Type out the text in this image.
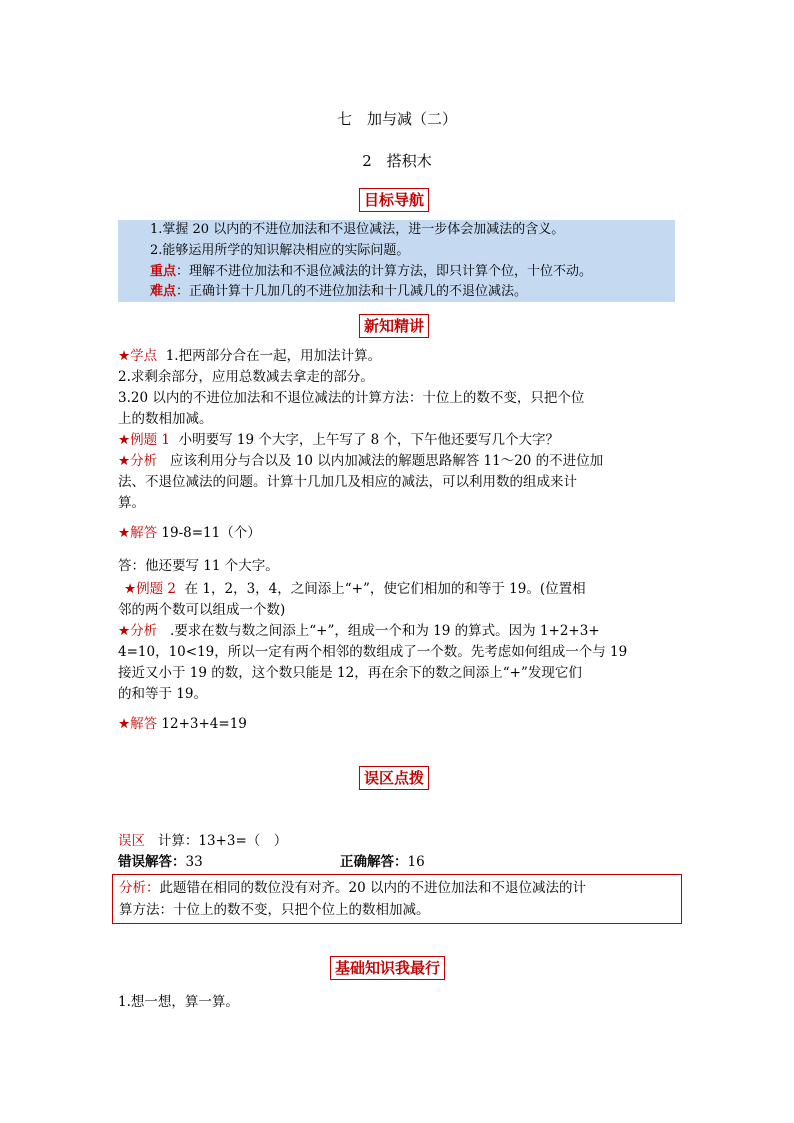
七　加与减（二）
2　搭积木
目标导航
1.掌握 20 以内的不进位加法和不退位减法，进一步体会加减法的含义。
2.能够运用所学的知识解决相应的实际问题。
重点：理解不进位加法和不退位减法的计算方法，即只计算个位，十位不动。
难点：正确计算十几加几的不进位加法和十几减几的不退位减法。
新知精讲
★学点 1.把两部分合在一起，用加法计算。
2.求剩余部分，应用总数减去拿走的部分。
3.20 以内的不进位加法和不退位减法的计算方法：十位上的数不变，只把个位
上的数相加减。
★例题 1 小明要写 19 个大字，上午写了 8 个，下午他还要写几个大字？
★分析 应该利用分与合以及 10 以内加减法的解题思路解答 11～20 的不进位加
法、不退位减法的问题。计算十几加几及相应的减法，可以利用数的组成来计
算。
★解答 19-8=11（个）
答：他还要写 11 个大字。
★例题 2 在 1，2，3，4，之间添上“+”，使它们相加的和等于 19。(位置相
邻的两个数可以组成一个数)
★分析 .要求在数与数之间添上“+”，组成一个和为 19 的算式。因为 1+2+3+
4=10，10<19，所以一定有两个相邻的数组成了一个数。先考虑如何组成一个与 19
接近又小于 19 的数，这个数只能是 12，再在余下的数之间添上“+”发现它们
的和等于 19。
★解答 12+3+4=19
误区点拨
误区 计算：13+3=（　）
错误解答：33	正确解答：16
分析：此题错在相同的数位没有对齐。20 以内的不进位加法和不退位减法的计
算方法：十位上的数不变，只把个位上的数相加减。
基础知识我最行
1.想一想，算一算。
